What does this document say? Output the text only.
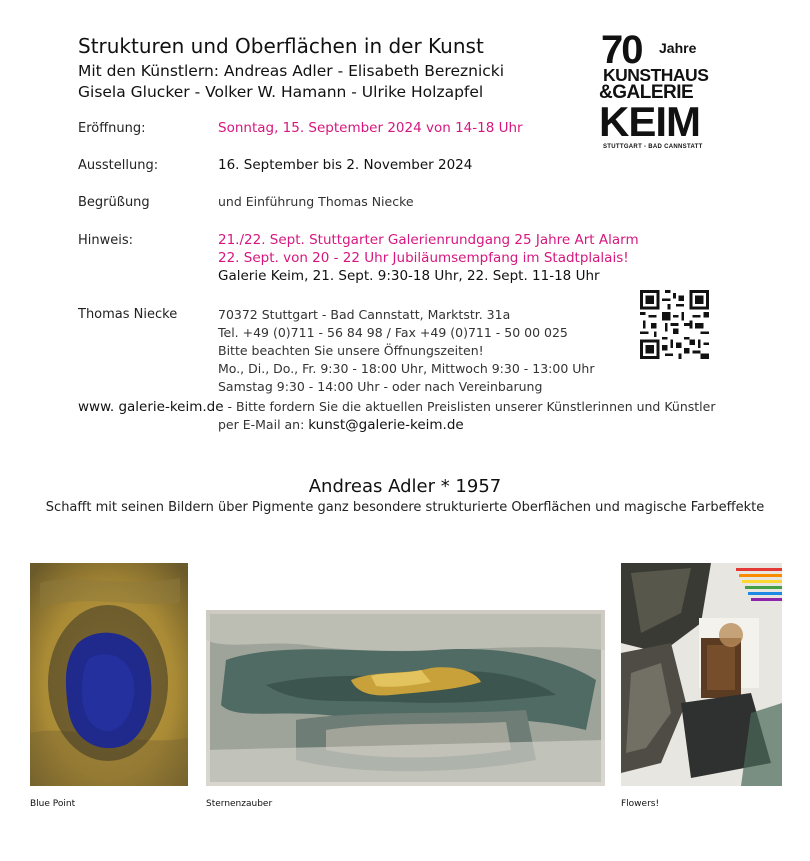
Strukturen und Oberflächen in der Kunst
Mit den Künstlern: Andreas Adler - Elisabeth Bereznicki
Gisela Glucker - Volker W. Hamann - Ulrike Holzapfel
70 Jahre
KUNSTHAUS
&GALERIE
KEIM
STUTTGART - BAD CANNSTATT
Eröffnung:	Sonntag, 15. September 2024 von 14-18 Uhr
Ausstellung:	16. September bis 2. November 2024
Begrüßung	und Einführung Thomas Niecke
Hinweis:	21./22. Sept. Stuttgarter Galerienrundgang 25 Jahre Art Alarm
22. Sept. von 20 - 22 Uhr Jubiläumsempfang im Stadtplalais!
Galerie Keim, 21. Sept. 9:30-18 Uhr, 22. Sept. 11-18 Uhr
Thomas Niecke	70372 Stuttgart - Bad Cannstatt, Marktstr. 31a
Tel. +49 (0)711 - 56 84 98 / Fax +49 (0)711 - 50 00 025
Bitte beachten Sie unsere Öffnungszeiten!
Mo., Di., Do., Fr. 9:30 - 18:00 Uhr, Mittwoch 9:30 - 13:00 Uhr
Samstag 9:30 - 14:00 Uhr - oder nach Vereinbarung
www. galerie-keim.de - Bitte fordern Sie die aktuellen Preislisten unserer Künstlerinnen und Künstler
per E-Mail an: kunst@galerie-keim.de
Andreas Adler * 1957
Schafft mit seinen Bildern über Pigmente ganz besondere strukturierte Oberflächen und magische Farbeffekte
Blue Point	Sternenzauber	Flowers!
